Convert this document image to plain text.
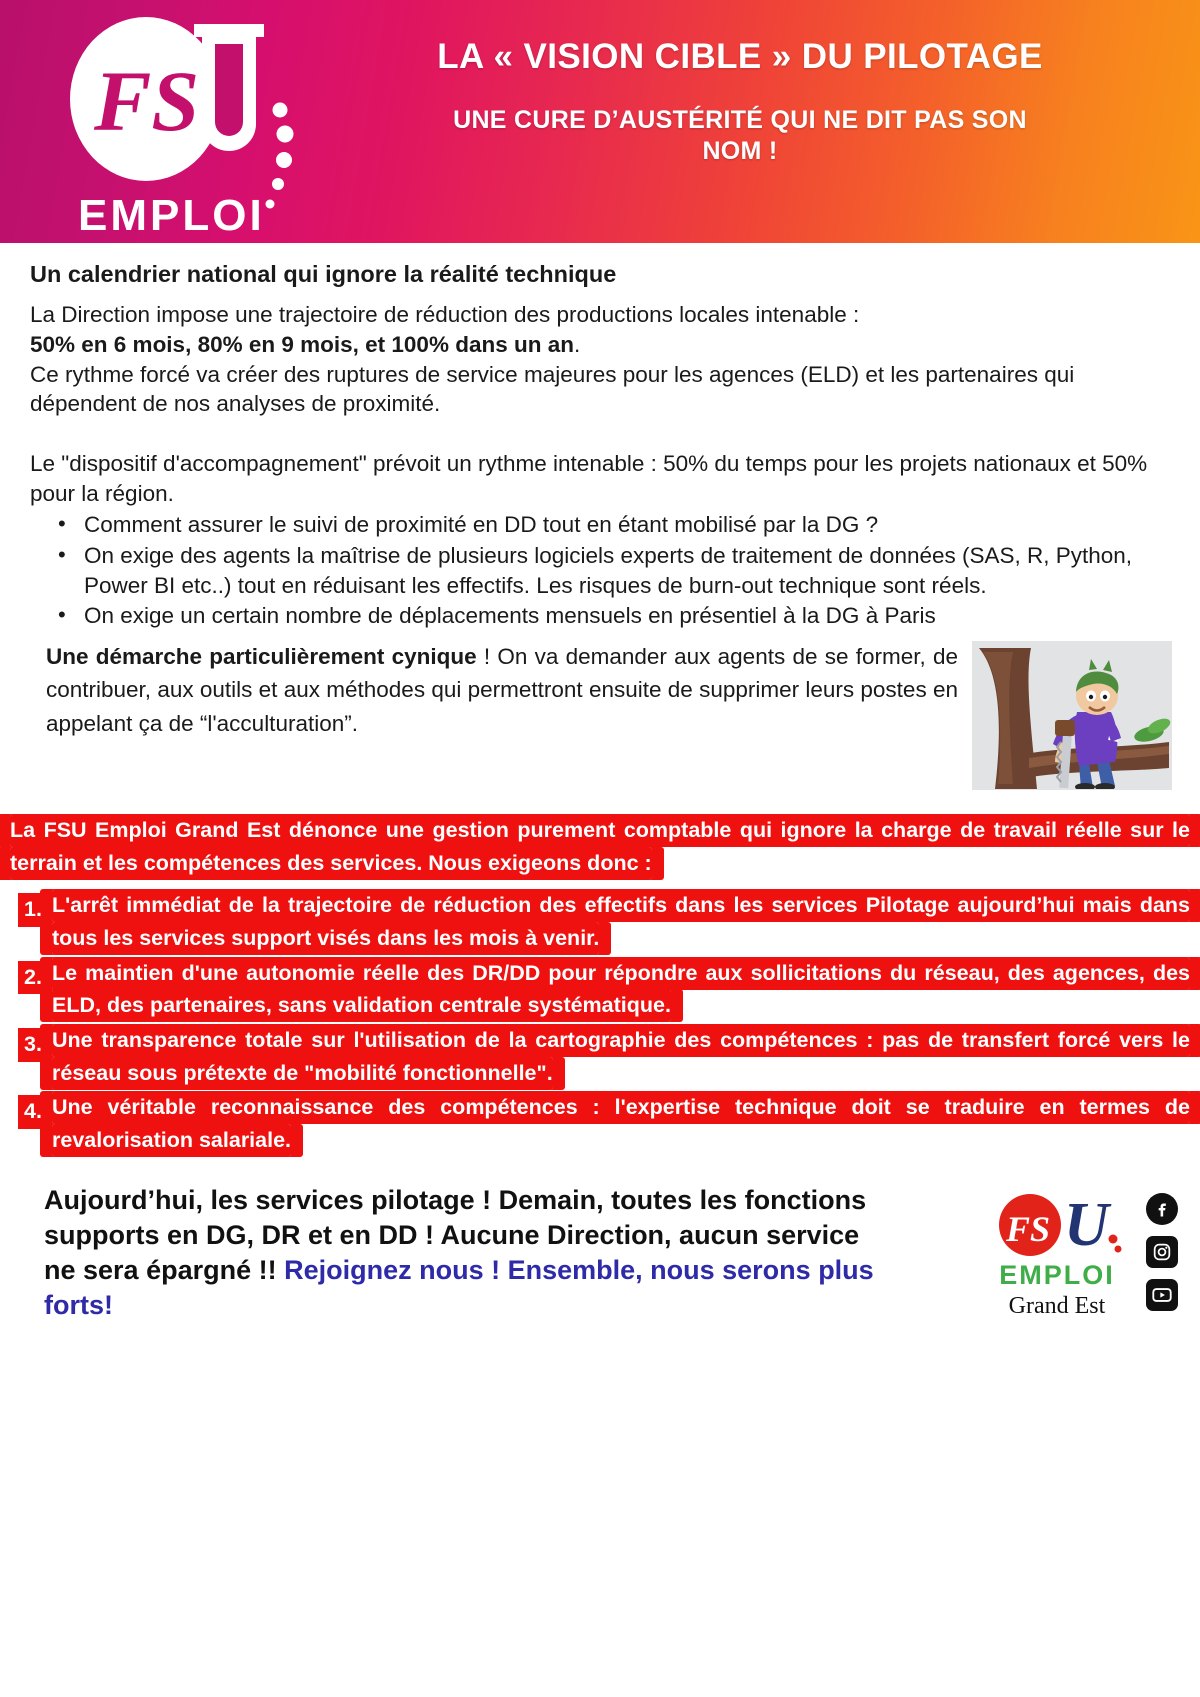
FS
EMPLOI
LA « VISION CIBLE » DU PILOTAGE
UNE CURE D’AUSTÉRITÉ QUI NE DIT PAS SON NOM !
Un calendrier national qui ignore la réalité technique

La Direction impose une trajectoire de réduction des productions locales intenable :
50% en 6 mois, 80% en 9 mois, et 100% dans un an.

Ce rythme forcé va créer des ruptures de service majeures pour les agences (ELD) et les partenaires qui dépendent de nos analyses de proximité.

Le "dispositif d'accompagnement" prévoit un rythme intenable : 50% du temps pour les projets nationaux et 50% pour la région.

• Comment assurer le suivi de proximité en DD tout en étant mobilisé par la DG ?
• On exige des agents la maîtrise de plusieurs logiciels experts de traitement de données (SAS, R, Python, Power BI etc..) tout en réduisant les effectifs. Les risques de burn-out technique sont réels.
• On exige un certain nombre de déplacements mensuels en présentiel à la DG à Paris
Une démarche particulièrement cynique ! On va demander aux agents de se former, de contribuer, aux outils et aux méthodes qui permettront ensuite de supprimer leurs postes en appelant ça de “l'acculturation”.
La FSU Emploi Grand Est dénonce une gestion purement comptable qui ignore la charge de travail réelle sur le terrain et les compétences des services. Nous exigeons donc :
L'arrêt immédiat de la trajectoire de réduction des effectifs dans les services Pilotage aujourd’hui mais dans tous les services support visés dans les mois à venir.
Le maintien d'une autonomie réelle des DR/DD pour répondre aux sollicitations du réseau, des agences, des ELD, des partenaires, sans validation centrale systématique.
Une transparence totale sur l'utilisation de la cartographie des compétences : pas de transfert forcé vers le réseau sous prétexte de "mobilité fonctionnelle".
Une véritable reconnaissance des compétences : l'expertise technique doit se traduire en termes de revalorisation salariale.
Aujourd’hui, les services pilotage ! Demain, toutes les fonctions supports en DG, DR et en DD ! Aucune Direction, aucun service ne sera épargné !! Rejoignez nous ! Ensemble, nous serons plus forts!
FS U
EMPLOI
Grand Est
